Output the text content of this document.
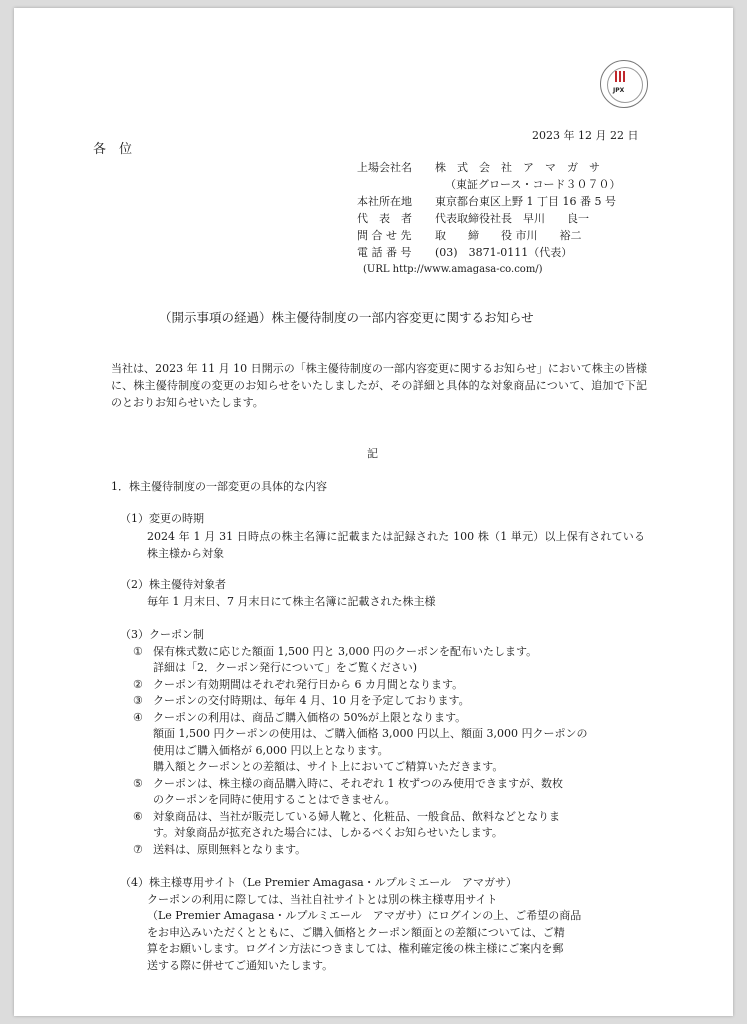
JPX
2023 年 12 月 22 日
各　位
上場会社名 株　式　会　社　ア　マ　ガ　サ
（東証グロース・コード３０７０）
本社所在地 東京都台東区上野 1 丁目 16 番 5 号
代　表　者 代表取締役社長　早川　　良一
問 合 せ 先 取　　締　　役 市川　　裕二
電 話 番 号 (03)　3871-0111（代表）
(URL http://www.amagasa-co.com/)
（開示事項の経過）株主優待制度の一部内容変更に関するお知らせ
当社は、2023 年 11 月 10 日開示の「株主優待制度の一部内容変更に関するお知らせ」において株主の皆様に、株主優待制度の変更のお知らせをいたしましたが、その詳細と具体的な対象商品について、追加で下記のとおりお知らせいたします。
記
1．株主優待制度の一部変更の具体的な内容
（1）変更の時期
2024 年 1 月 31 日時点の株主名簿に記載または記録された 100 株（1 単元）以上保有されている株主様から対象
（2）株主優待対象者
毎年 1 月末日、7 月末日にて株主名簿に記載された株主様
（3）クーポン制
① 保有株式数に応じた額面 1,500 円と 3,000 円のクーポンを配布いたします。
詳細は「2．クーポン発行について」をご覧ください)
② クーポン有効期間はそれぞれ発行日から 6 カ月間となります。
③ クーポンの交付時期は、毎年 4 月、10 月を予定しております。
④ クーポンの利用は、商品ご購入価格の 50%が上限となります。
額面 1,500 円クーポンの使用は、ご購入価格 3,000 円以上、額面 3,000 円クーポンの
使用はご購入価格が 6,000 円以上となります。
購入額とクーポンとの差額は、サイト上においてご精算いただきます。
⑤ クーポンは、株主様の商品購入時に、それぞれ 1 枚ずつのみ使用できますが、数枚
のクーポンを同時に使用することはできません。
⑥ 対象商品は、当社が販売している婦人靴と、化粧品、一般食品、飲料などとなりま
す。対象商品が拡充された場合には、しかるべくお知らせいたします。
⑦ 送料は、原則無料となります。
（4）株主様専用サイト（Le Premier Amagasa・ルプルミエール　アマガサ）
クーポンの利用に際しては、当社自社サイトとは別の株主様専用サイト
（Le Premier Amagasa・ルプルミエール　アマガサ）にログインの上、ご希望の商品
をお申込みいただくとともに、ご購入価格とクーポン額面との差額については、ご精
算をお願いします。ログイン方法につきましては、権利確定後の株主様にご案内を郵
送する際に併せてご通知いたします。
